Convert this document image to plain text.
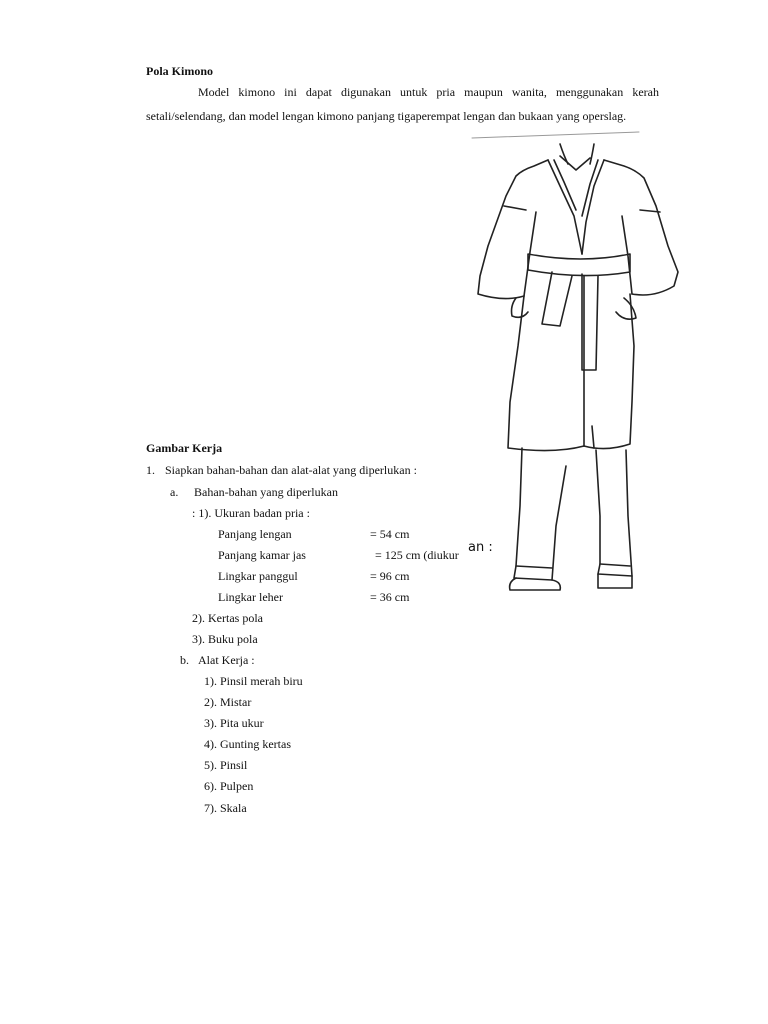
Pola Kimono
Model kimono ini dapat digunakan untuk pria maupun wanita, menggunakan kerah setali/selendang, dan model lengan kimono panjang tigaperempat lengan dan bukaan yang operslag.
Gambar Kerja
1. Siapkan bahan-bahan dan alat-alat yang diperlukan :
a. Bahan-bahan yang diperlukan
: 1). Ukuran badan pria :
Panjang lengan	= 54 cm
Panjang kamar jas	= 125 cm (diukur
Lingkar panggul	= 96 cm
Lingkar leher	= 36 cm
an :
2). Kertas pola
3). Buku pola
b. Alat Kerja :
1). Pinsil merah biru
2). Mistar
3). Pita ukur
4). Gunting kertas
5). Pinsil
6). Pulpen
7). Skala
